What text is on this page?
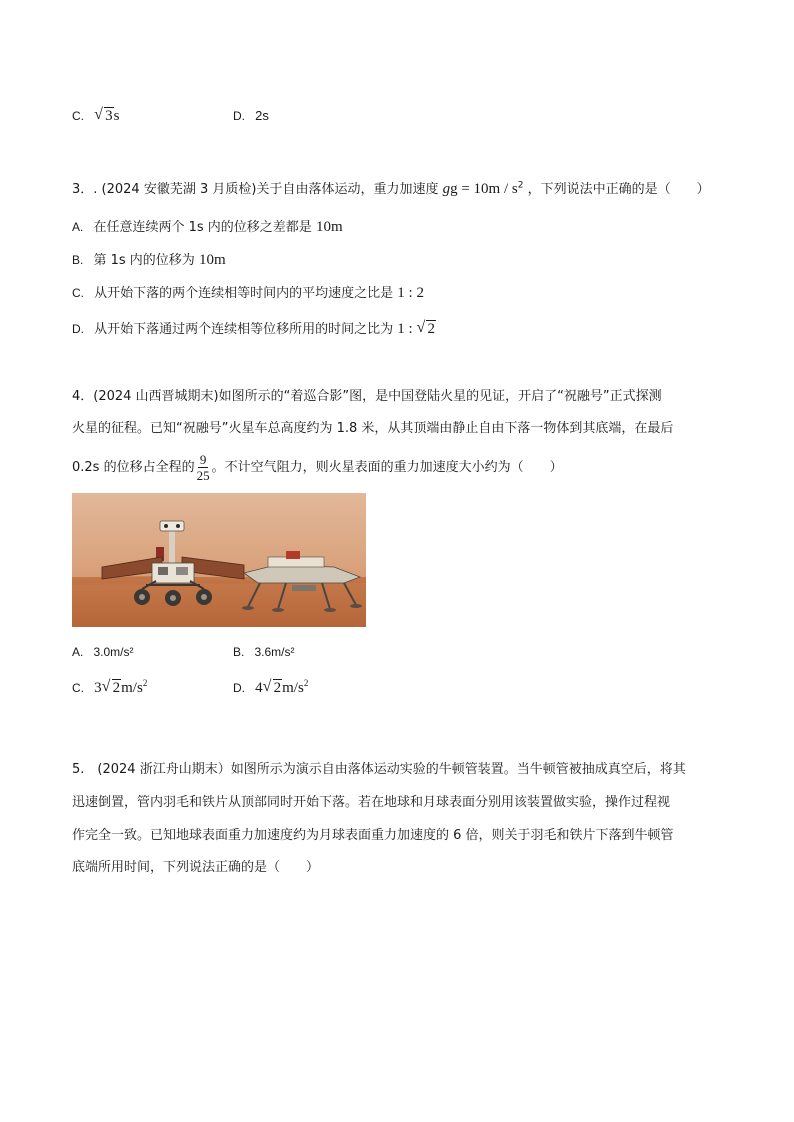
C. √ 3s	D. 2s
3．. (2024 安徽芜湖 3 月质检)关于自由落体运动，重力加速度 gg = $10m / s^2$ ，下列说法中正确的是（　　）
A. 在任意连续两个 1s 内的位移之差都是 10m
B. 第 1s 内的位移为 10m
C. 从开始下落的两个连续相等时间内的平均速度之比是 1 : 2
D. 从开始下落通过两个连续相等位移所用的时间之比为 1 : √ 2
4．(2024 山西晋城期末)如图所示的“着巡合影”图，是中国登陆火星的见证，开启了“祝融号”正式探测
火星的征程。已知“祝融号”火星车总高度约为 1.8 米，从其顶端由静止自由下落一物体到其底端，在最后
0.2s 的位移占全程的 $\frac{9}{25}$ 。不计空气阻力，则火星表面的重力加速度大小约为（　　）
A. 3.0m/s²	B. 3.6m/s²
C. 3 √ $2m/s^2$	D. 4 √ $2m/s^2$
5.　(2024 浙江舟山期末）如图所示为演示自由落体运动实验的牛顿管装置。当牛顿管被抽成真空后，将其
迅速倒置，管内羽毛和铁片从顶部同时开始下落。若在地球和月球表面分别用该装置做实验，操作过程视
作完全一致。已知地球表面重力加速度约为月球表面重力加速度的 6 倍，则关于羽毛和铁片下落到牛顿管
底端所用时间，下列说法正确的是（　　）
